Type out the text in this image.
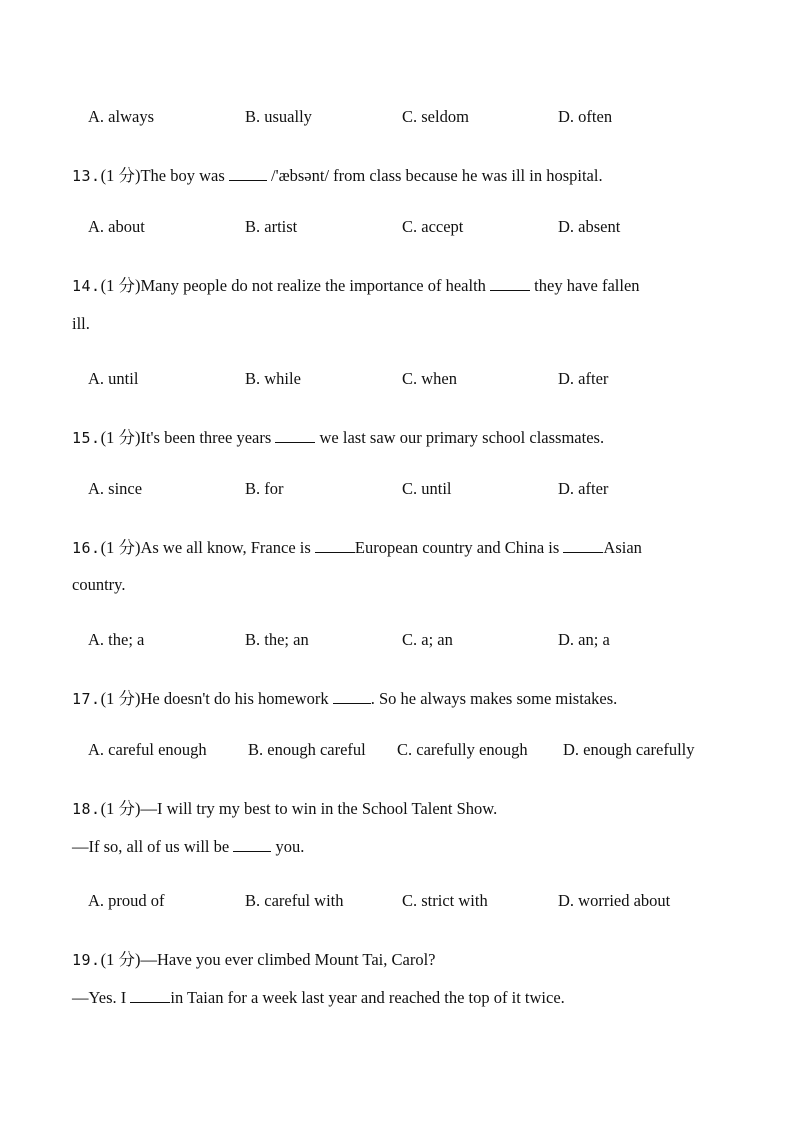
A. always	B. usually	C. seldom	D. often
13.(1 分)The boy was  /'æbsənt/ from class because he was ill in hospital.
A. about	B. artist	C. accept	D. absent
14.(1 分)Many people do not realize the importance of health  they have fallen
ill.
A. until	B. while	C. when	D. after
15.(1 分)It's been three years  we last saw our primary school classmates.
A. since	B. for	C. until	D. after
16.(1 分)As we all know, France is European country and China is Asian
country.
A. the; a	B. the; an	C. a; an	D. an; a
17.(1 分)He doesn't do his homework . So he always makes some mistakes.
A. careful enough	B. enough careful C. carefully enough D. enough carefully
18.(1 分)—I will try my best to win in the School Talent Show.
—If so, all of us will be  you.
A. proud of	B. careful with	C. strict with	D. worried about
19.(1 分)—Have you ever climbed Mount Tai, Carol?
—Yes. I in Taian for a week last year and reached the top of it twice.
